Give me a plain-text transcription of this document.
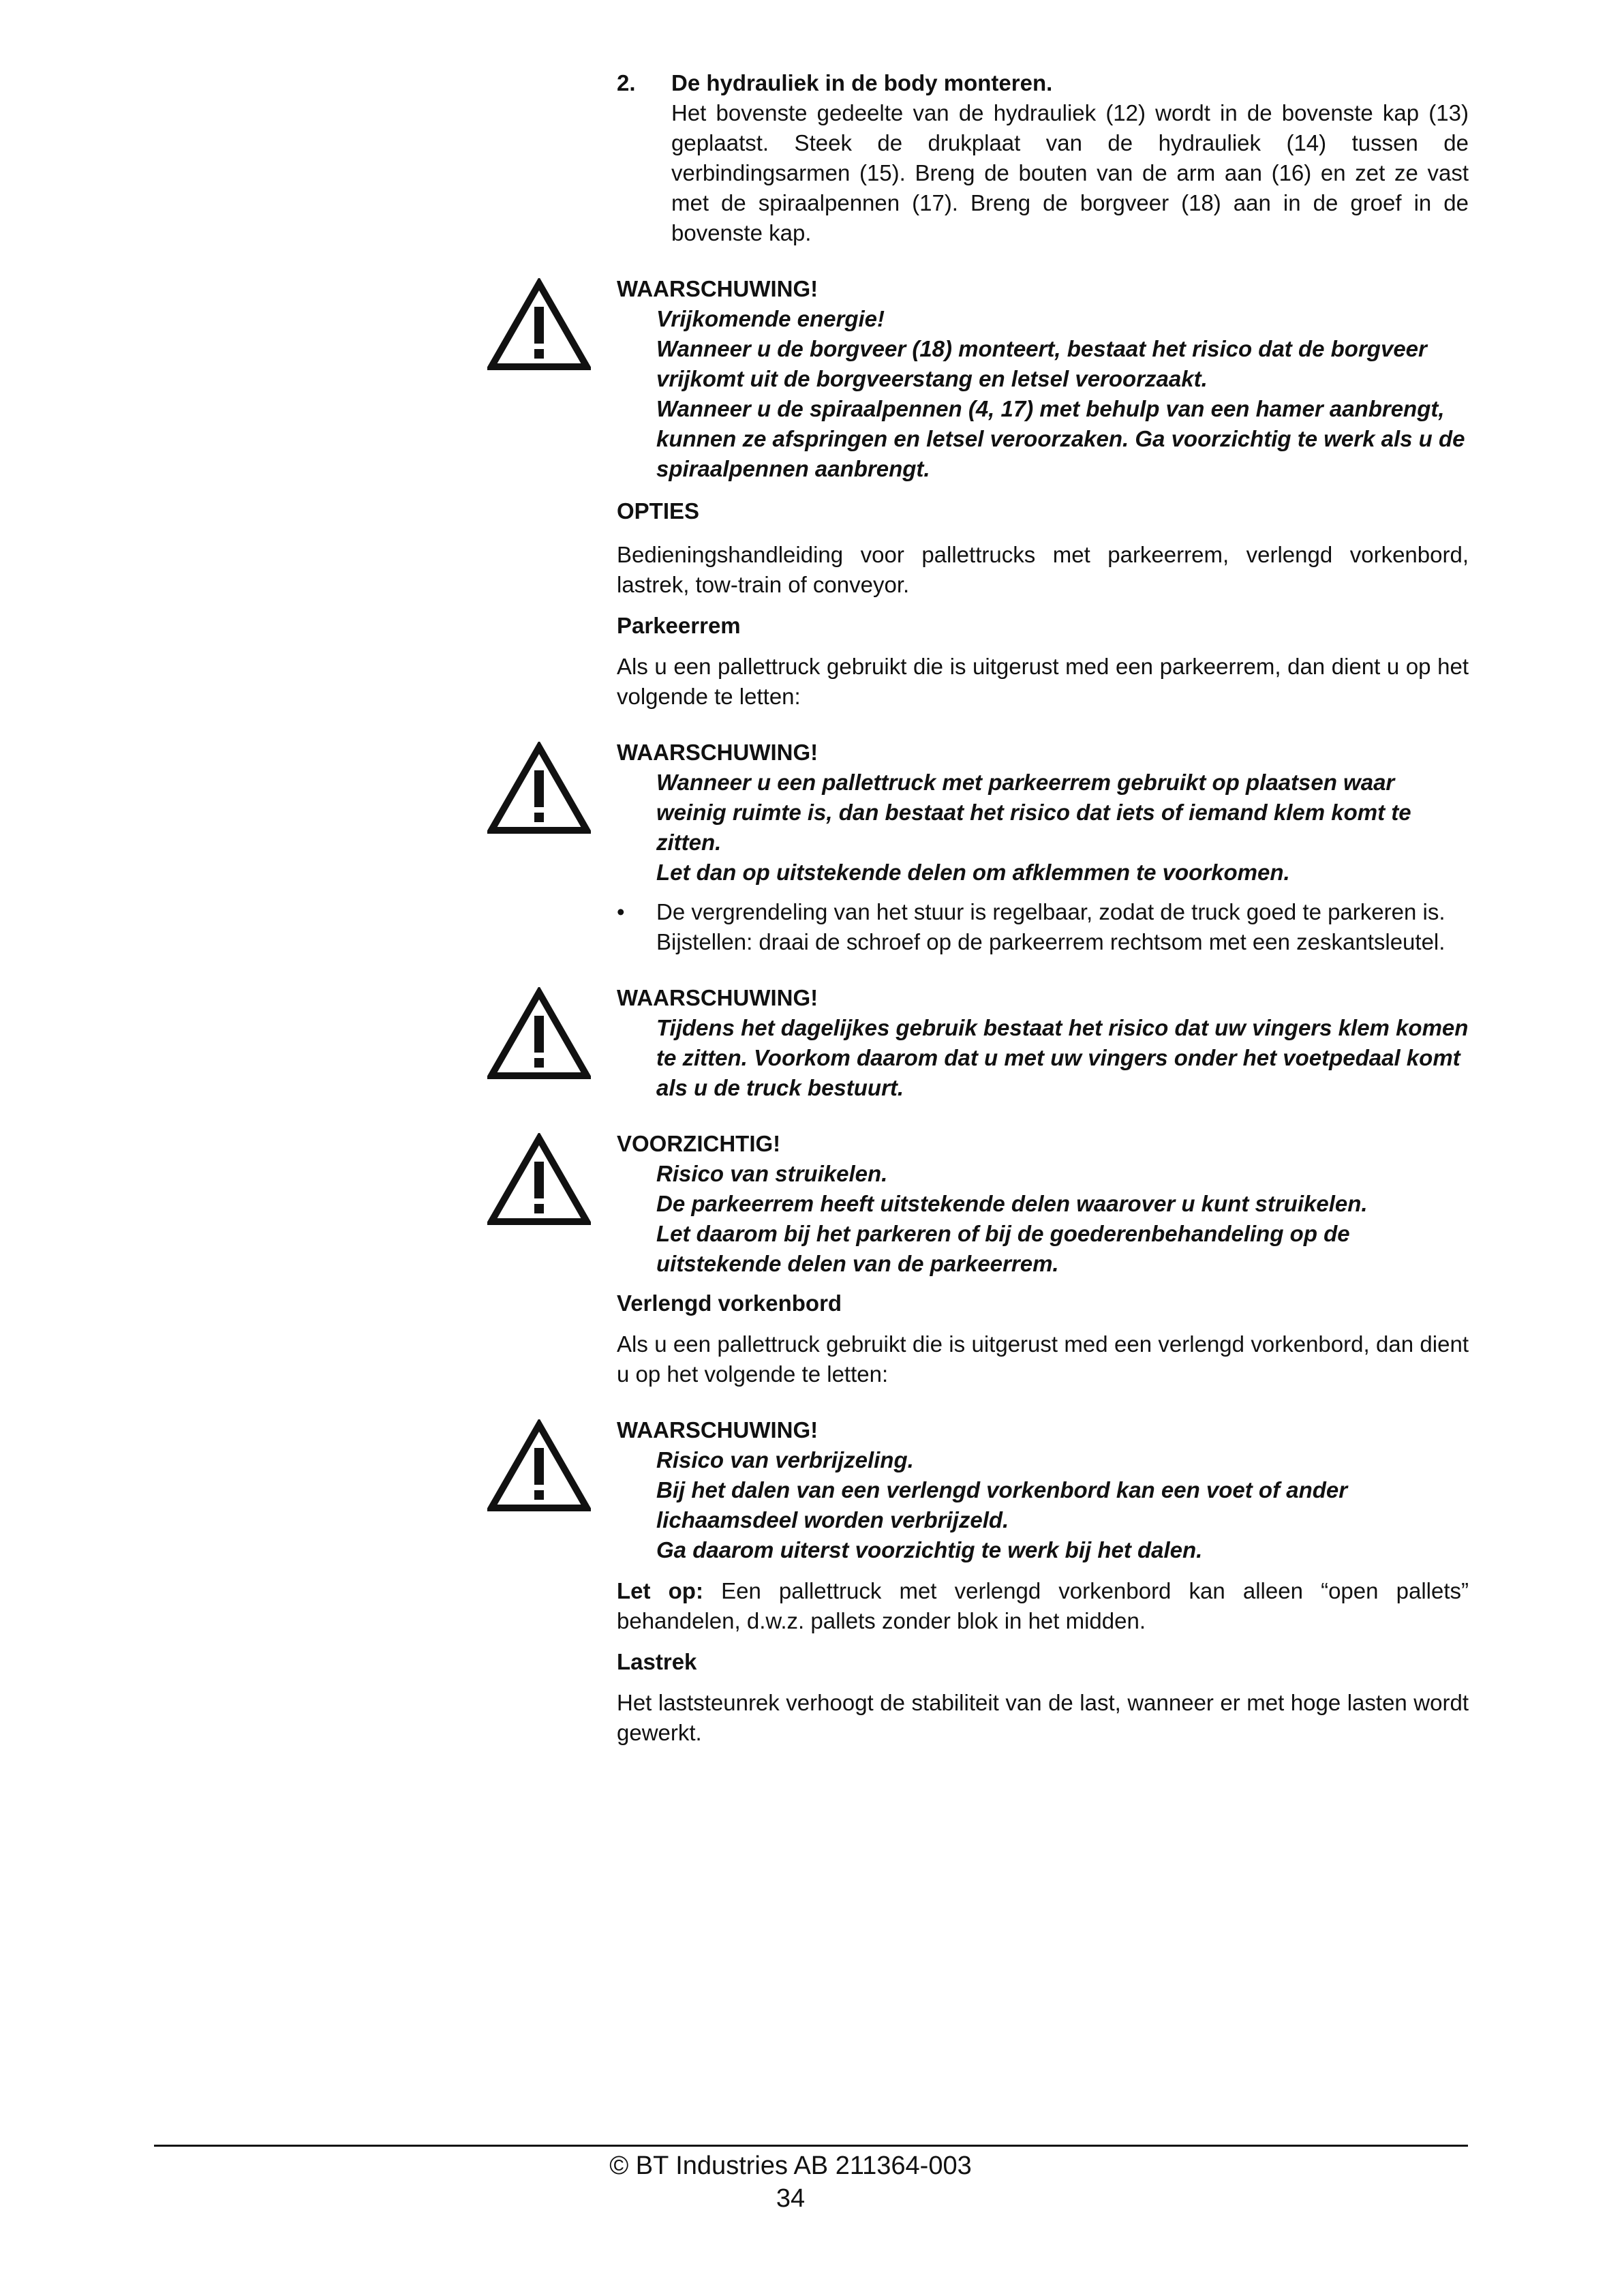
2. De hydrauliek in de body monteren.

Het bovenste gedeelte van de hydrauliek (12) wordt in de bovenste kap (13) geplaatst. Steek de drukplaat van de hydrauliek (14) tussen de verbindingsarmen (15). Breng de bouten van de arm aan (16) en zet ze vast met de spiraalpennen (17). Breng de borgveer (18) aan in de groef in de bovenste kap.

WAARSCHUWING!

Vrijkomende energie!

Wanneer u de borgveer (18) monteert, bestaat het risico dat de borgveer vrijkomt uit de borgveerstang en letsel veroorzaakt.

Wanneer u de spiraalpennen (4, 17) met behulp van een hamer aanbrengt, kunnen ze afspringen en letsel veroorzaken. Ga voorzichtig te werk als u de spiraalpennen aanbrengt.

OPTIES

Bedieningshandleiding voor pallettrucks met parkeerrem, verlengd vorkenbord, lastrek, tow-train of conveyor.

Parkeerrem

Als u een pallettruck gebruikt die is uitgerust med een parkeerrem, dan dient u op het volgende te letten:

WAARSCHUWING!

Wanneer u een pallettruck met parkeerrem gebruikt op plaatsen waar weinig ruimte is, dan bestaat het risico dat iets of iemand klem komt te zitten.

Let dan op uitstekende delen om afklemmen te voorkomen.

• De vergrendeling van het stuur is regelbaar, zodat de truck goed te parkeren is. Bijstellen: draai de schroef op de parkeerrem rechtsom met een zeskantsleutel.

WAARSCHUWING!

Tijdens het dagelijkes gebruik bestaat het risico dat uw vingers klem komen te zitten. Voorkom daarom dat u met uw vingers onder het voetpedaal komt als u de truck bestuurt.

VOORZICHTIG!

Risico van struikelen.

De parkeerrem heeft uitstekende delen waarover u kunt struikelen.

Let daarom bij het parkeren of bij de goederenbehandeling op de uitstekende delen van de parkeerrem.

Verlengd vorkenbord

Als u een pallettruck gebruikt die is uitgerust med een verlengd vorkenbord, dan dient u op het volgende te letten:

WAARSCHUWING!

Risico van verbrijzeling.

Bij het dalen van een verlengd vorkenbord kan een voet of ander lichaamsdeel worden verbrijzeld.

Ga daarom uiterst voorzichtig te werk bij het dalen.

Let op: Een pallettruck met verlengd vorkenbord kan alleen “open pallets” behandelen, d.w.z. pallets zonder blok in het midden.

Lastrek

Het laststeunrek verhoogt de stabiliteit van de last, wanneer er met hoge lasten wordt gewerkt.

© BT Industries AB 211364-003
34
